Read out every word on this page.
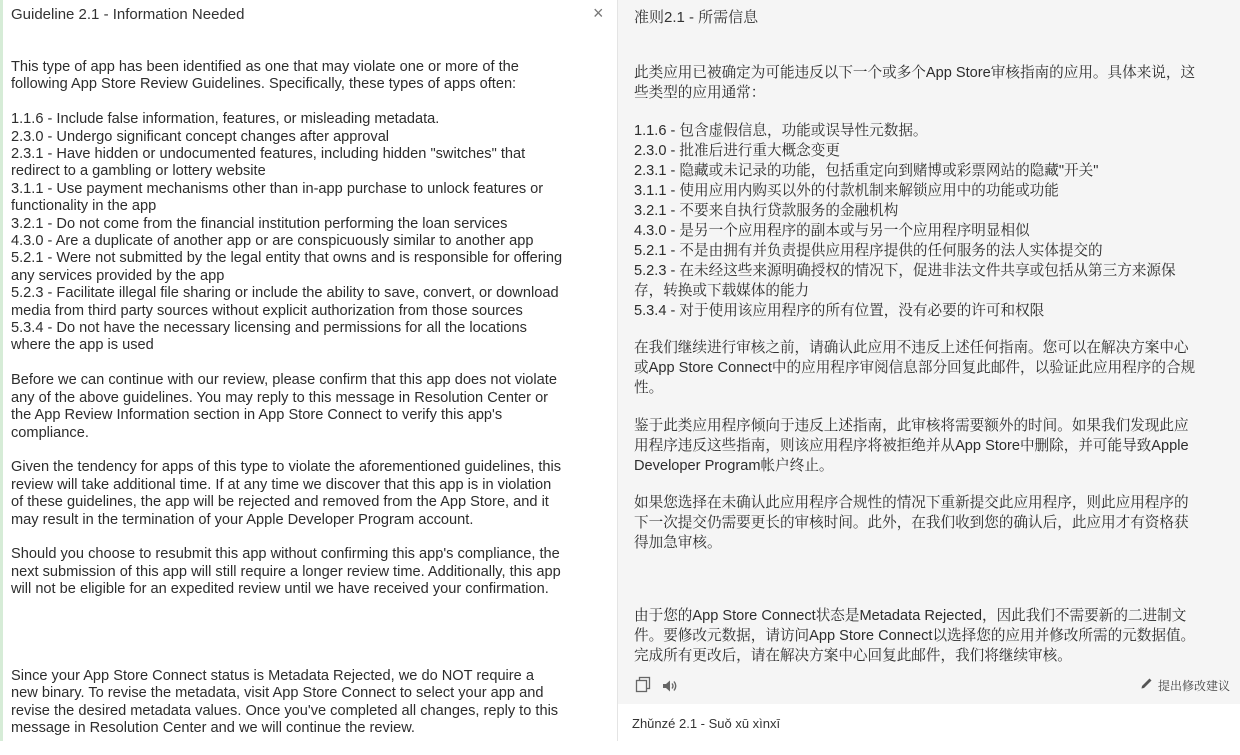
Guideline 2.1 - Information Needed	×
This type of app has been identified as one that may violate one or more of the
following App Store Review Guidelines. Specifically, these types of apps often:
1.1.6 - Include false information, features, or misleading metadata.
2.3.0 - Undergo significant concept changes after approval
2.3.1 - Have hidden or undocumented features, including hidden "switches" that
redirect to a gambling or lottery website
3.1.1 - Use payment mechanisms other than in-app purchase to unlock features or
functionality in the app
3.2.1 - Do not come from the financial institution performing the loan services
4.3.0 - Are a duplicate of another app or are conspicuously similar to another app
5.2.1 - Were not submitted by the legal entity that owns and is responsible for offering
any services provided by the app
5.2.3 - Facilitate illegal file sharing or include the ability to save, convert, or download
media from third party sources without explicit authorization from those sources
5.3.4 - Do not have the necessary licensing and permissions for all the locations
where the app is used
Before we can continue with our review, please confirm that this app does not violate
any of the above guidelines. You may reply to this message in Resolution Center or
the App Review Information section in App Store Connect to verify this app's
compliance.
Given the tendency for apps of this type to violate the aforementioned guidelines, this
review will take additional time. If at any time we discover that this app is in violation
of these guidelines, the app will be rejected and removed from the App Store, and it
may result in the termination of your Apple Developer Program account.
Should you choose to resubmit this app without confirming this app's compliance, the
next submission of this app will still require a longer review time. Additionally, this app
will not be eligible for an expedited review until we have received your confirmation.
Since your App Store Connect status is Metadata Rejected, we do NOT require a
new binary. To revise the metadata, visit App Store Connect to select your app and
revise the desired metadata values. Once you've completed all changes, reply to this
message in Resolution Center and we will continue the review.
准则2.1 - 所需信息
此类应用已被确定为可能违反以下一个或多个App Store审核指南的应用。具体来说，这
些类型的应用通常：
1.1.6 - 包含虚假信息，功能或误导性元数据。
2.3.0 - 批准后进行重大概念变更
2.3.1 - 隐藏或未记录的功能，包括重定向到赌博或彩票网站的隐藏"开关"
3.1.1 - 使用应用内购买以外的付款机制来解锁应用中的功能或功能
3.2.1 - 不要来自执行贷款服务的金融机构
4.3.0 - 是另一个应用程序的副本或与另一个应用程序明显相似
5.2.1 - 不是由拥有并负责提供应用程序提供的任何服务的法人实体提交的
5.2.3 - 在未经这些来源明确授权的情况下，促进非法文件共享或包括从第三方来源保
存，转换或下载媒体的能力
5.3.4 - 对于使用该应用程序的所有位置，没有必要的许可和权限
在我们继续进行审核之前，请确认此应用不违反上述任何指南。您可以在解决方案中心
或App Store Connect中的应用程序审阅信息部分回复此邮件，以验证此应用程序的合规
性。
鉴于此类应用程序倾向于违反上述指南，此审核将需要额外的时间。如果我们发现此应
用程序违反这些指南，则该应用程序将被拒绝并从App Store中删除，并可能导致Apple
Developer Program帐户终止。
如果您选择在未确认此应用程序合规性的情况下重新提交此应用程序，则此应用程序的
下一次提交仍需要更长的审核时间。此外，在我们收到您的确认后，此应用才有资格获
得加急审核。
由于您的App Store Connect状态是Metadata Rejected，因此我们不需要新的二进制文
件。要修改元数据，请访问App Store Connect以选择您的应用并修改所需的元数据值。
完成所有更改后，请在解决方案中心回复此邮件，我们将继续审核。
提出修改建议
Zhǔnzé 2.1 - Suǒ xū xìnxī
